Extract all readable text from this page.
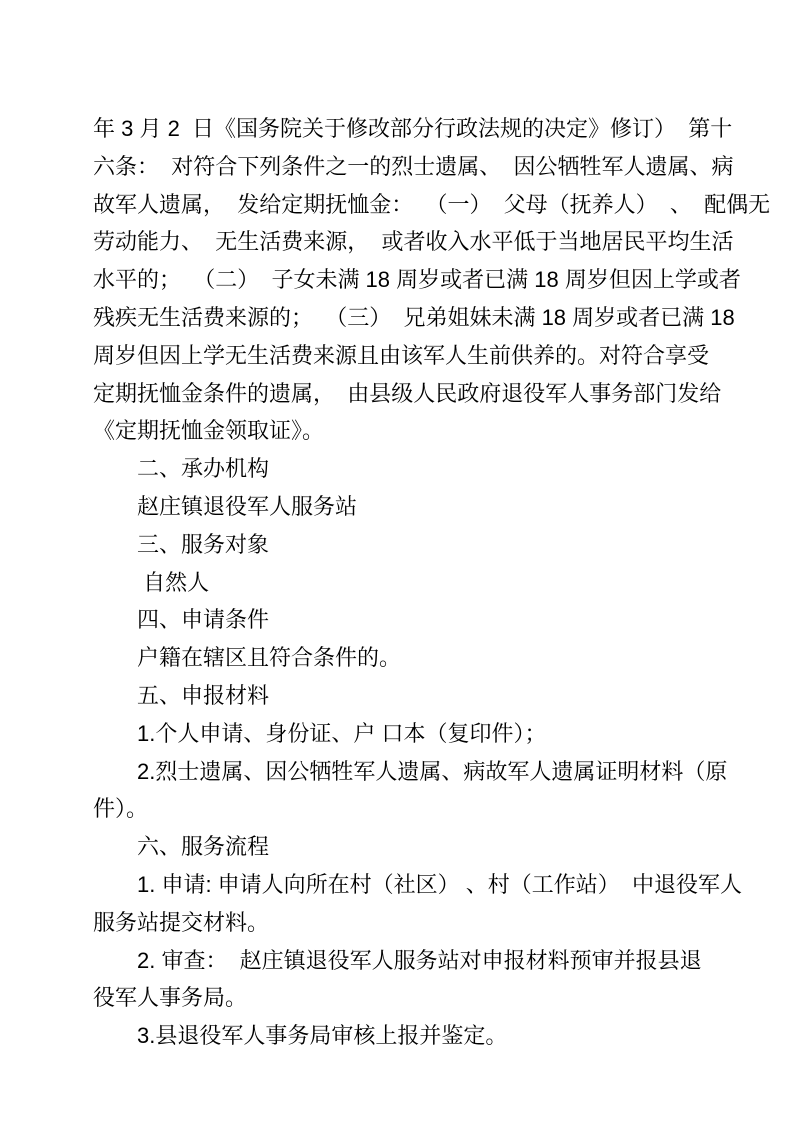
年 3 月 2  日《国务院关于修改部分行政法规的决定》修订）  第十
六条：  对符合下列条件之一的烈士遗属、  因公牺牲军人遗属、病
故军人遗属，  发给定期抚恤金：  （一）  父母（抚养人）  、  配偶无
劳动能力、  无生活费来源，  或者收入水平低于当地居民平均生活
水平的；  （二）  子女未满 18 周岁或者已满 18 周岁但因上学或者
残疾无生活费来源的；  （三）  兄弟姐妹未满 18 周岁或者已满 18
周岁但因上学无生活费来源且由该军人生前供养的。对符合享受
定期抚恤金条件的遗属，  由县级人民政府退役军人事务部门发给
《定期抚恤金领取证》。
二、承办机构
赵庄镇退役军人服务站
三、服务对象
自然人
四、申请条件
户籍在辖区且符合条件的。
五、申报材料
1.个人申请、身份证、户 口本（复印件）；
2.烈士遗属、因公牺牲军人遗属、病故军人遗属证明材料（原
件）。
六、服务流程
1. 申请: 申请人向所在村（社区） 、村（工作站）  中退役军人
服务站提交材料。
2. 审查：  赵庄镇退役军人服务站对申报材料预审并报县退
役军人事务局。
3.县退役军人事务局审核上报并鉴定。
